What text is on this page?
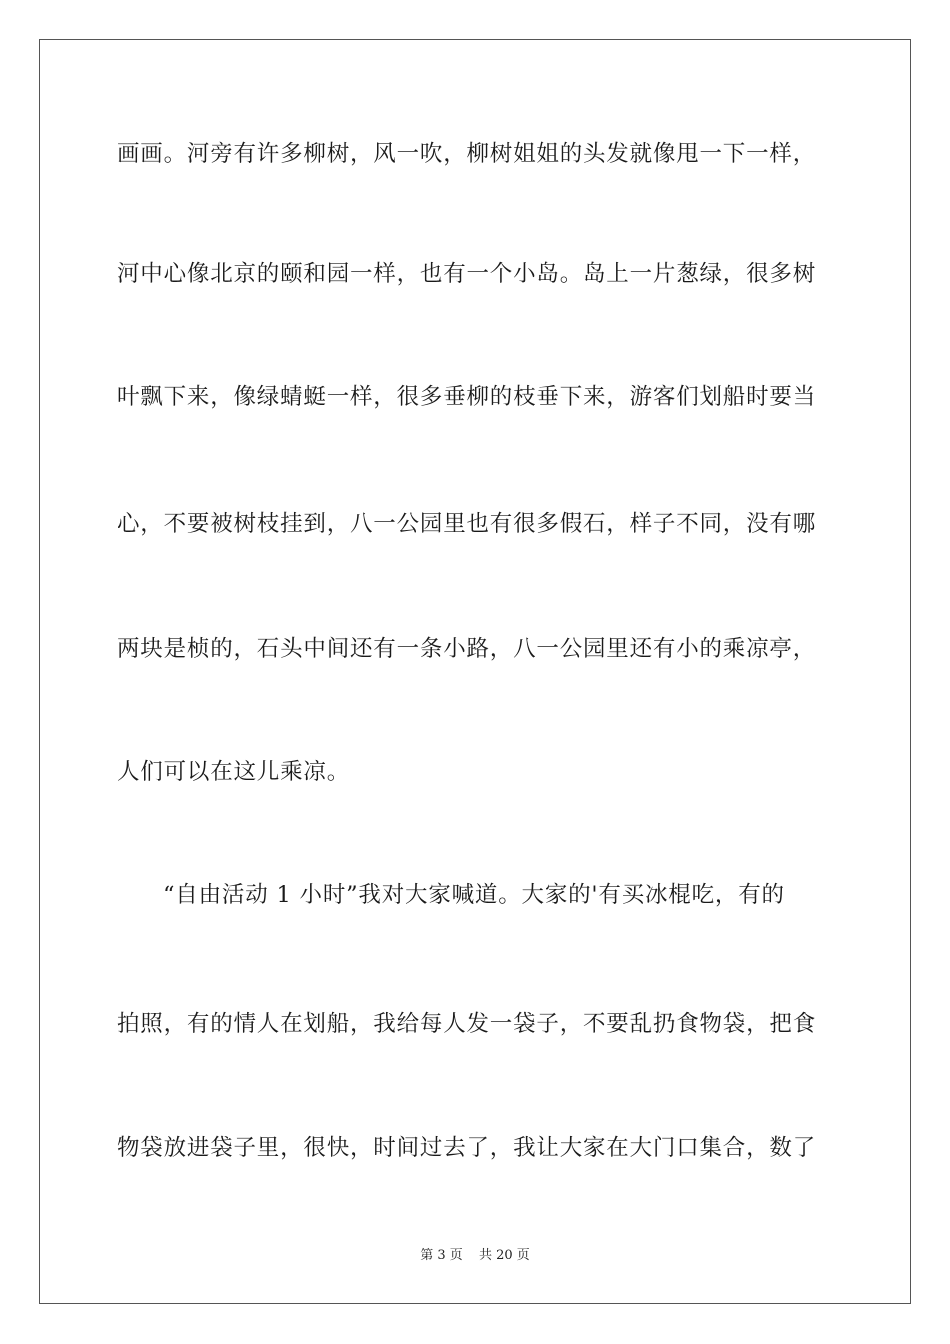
画画。河旁有许多柳树，风一吹，柳树姐姐的头发就像甩一下一样，
河中心像北京的颐和园一样，也有一个小岛。岛上一片葱绿，很多树
叶飘下来，像绿蜻蜓一样，很多垂柳的枝垂下来，游客们划船时要当
心，不要被树枝挂到，八一公园里也有很多假石，样子不同，没有哪
两块是桢的，石头中间还有一条小路，八一公园里还有小的乘凉亭，
人们可以在这儿乘凉。
“自由活动 1 小时”我对大家喊道。大家的'有买冰棍吃，有的
拍照，有的情人在划船，我给每人发一袋子，不要乱扔食物袋，把食
物袋放进袋子里，很快，时间过去了，我让大家在大门口集合，数了
第 3 页 共 20 页
